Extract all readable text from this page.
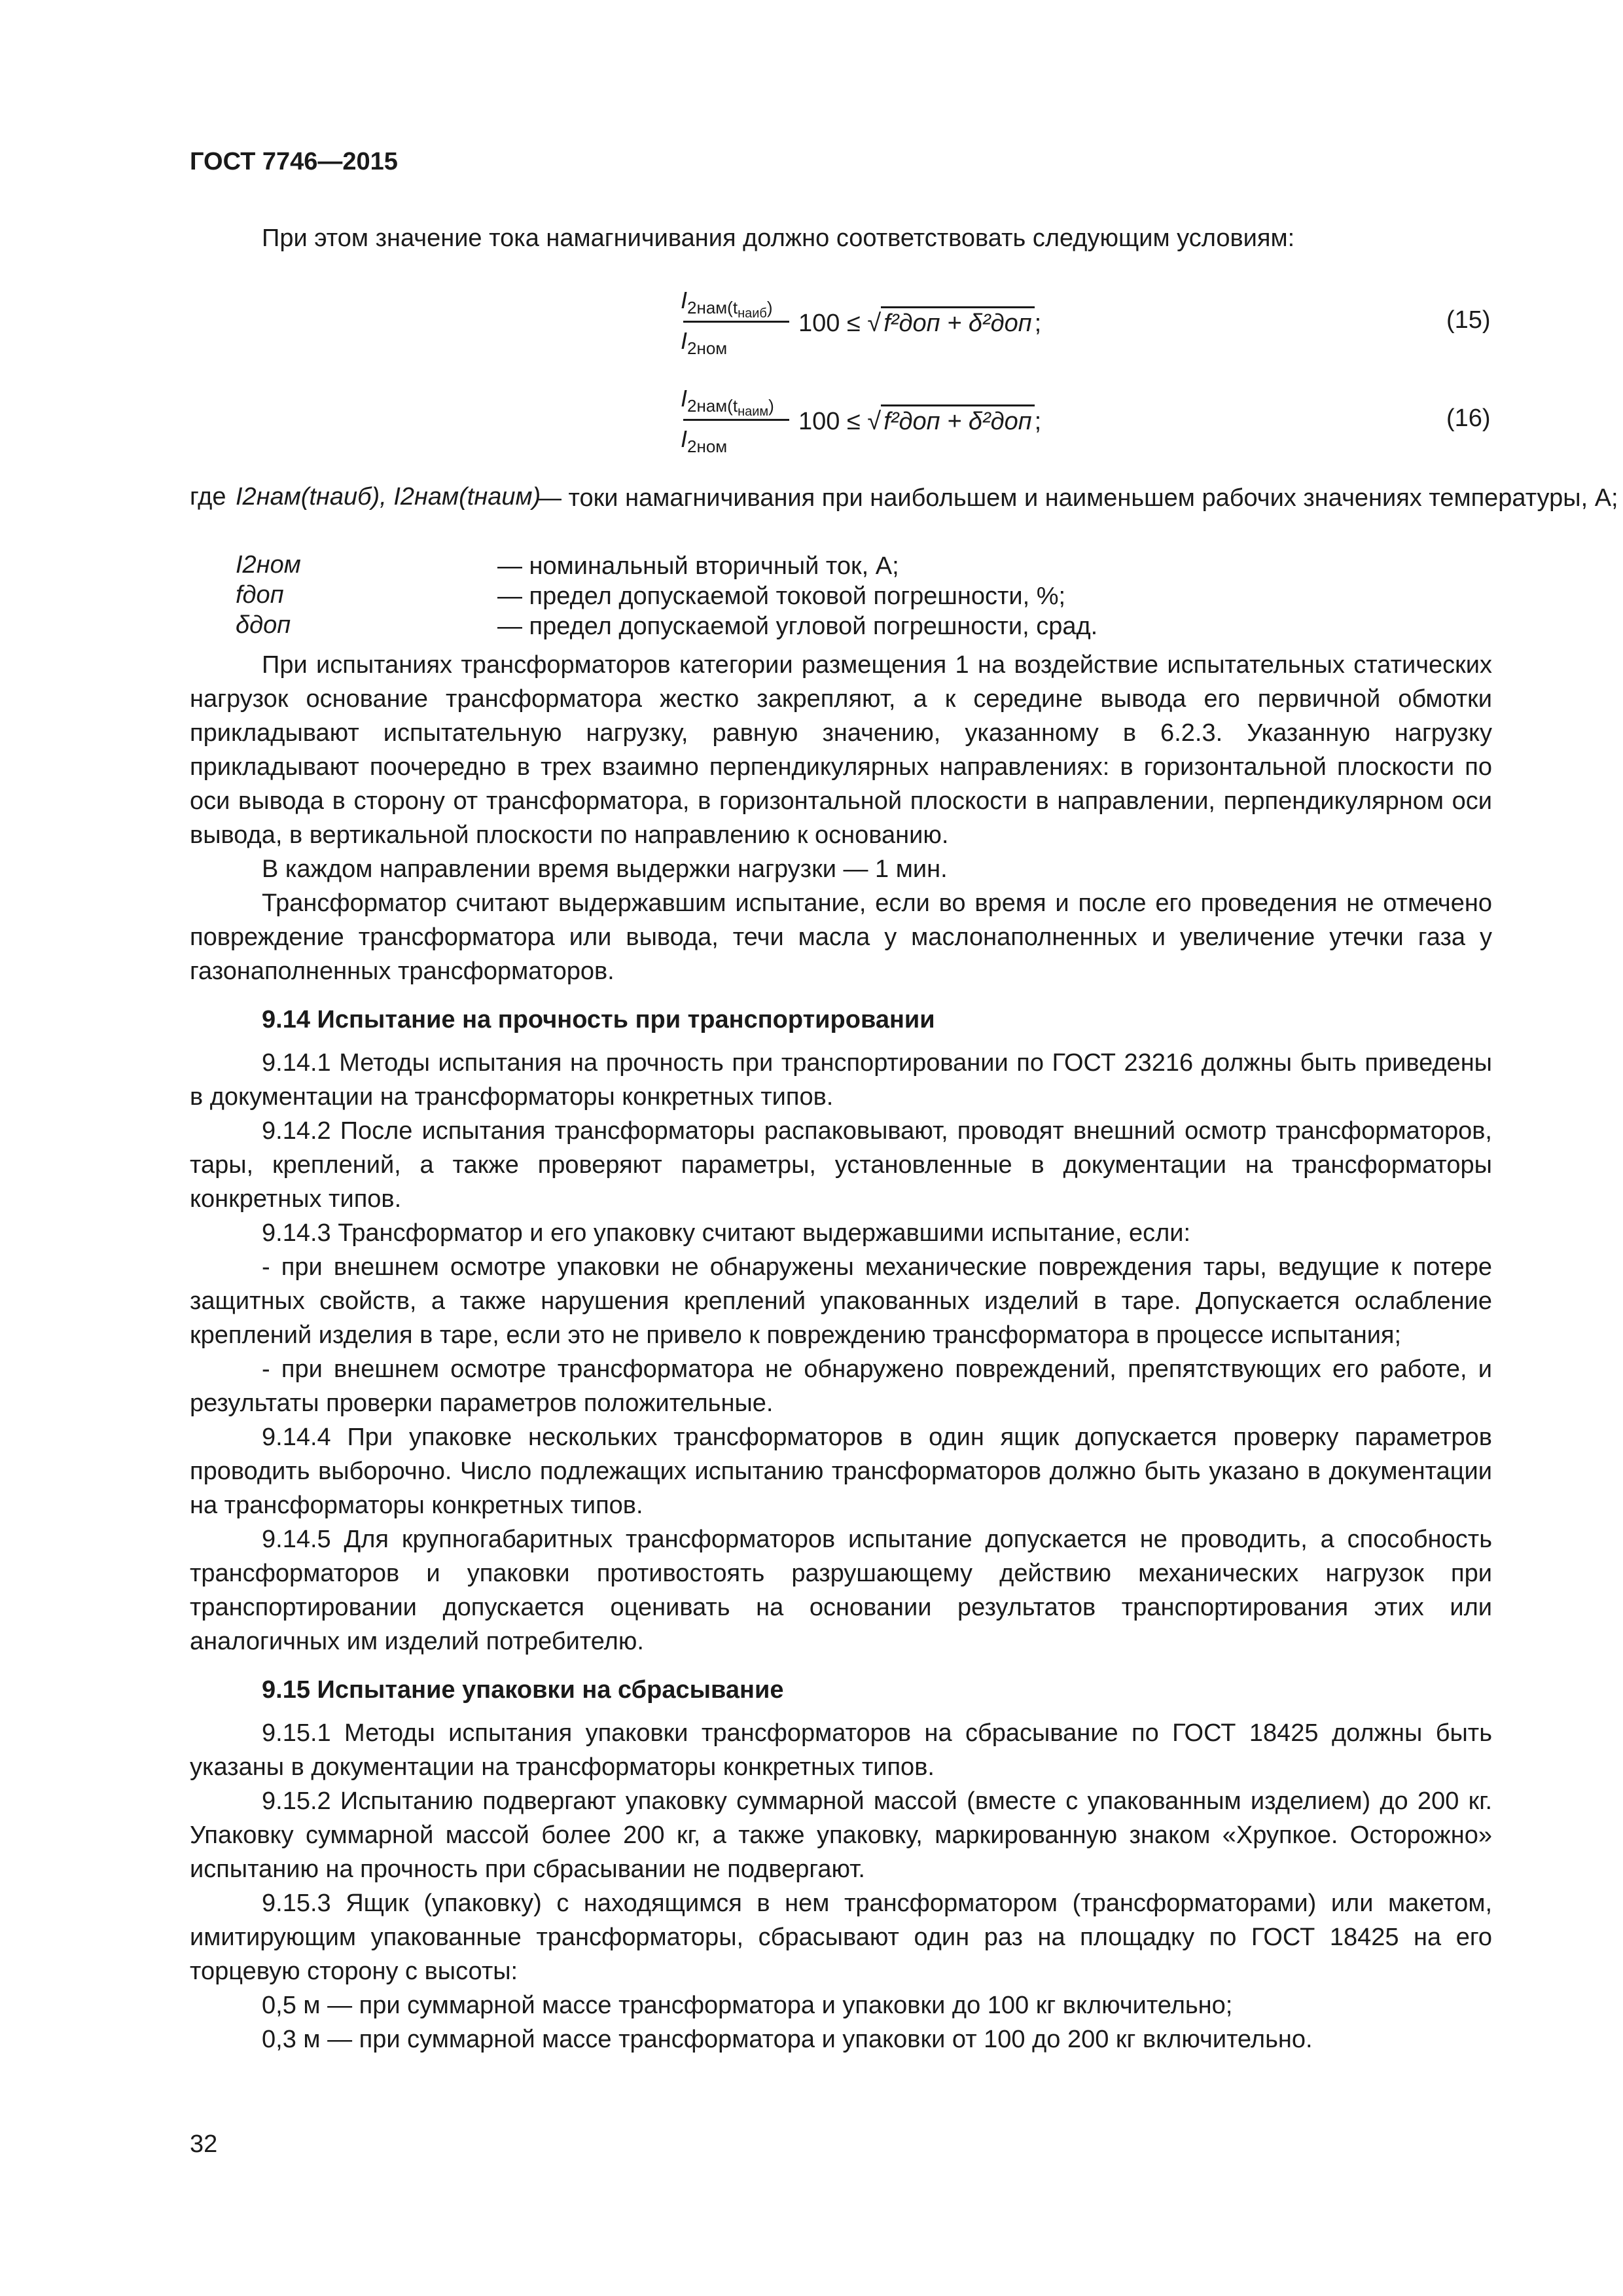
ГОСТ 7746—2015
При этом значение тока намагничивания должно соответствовать следующим условиям:
$I_{2нам(t_{наиб})}$
$I_{2ном}$
100 ≤ √ f²доп + δ²доп ;	(15)
$I_{2нам(t_{наим})}$
$I_{2ном}$
100 ≤ √ f²доп + δ²доп ;	(16)
где I2нам(tнаиб), I2нам(tнаим)
— токи намагничивания при наибольшем и наименьшем рабочих значениях температуры, А;
I2ном	— номинальный вторичный ток, А;
fдоп	— предел допускаемой токовой погрешности, %;
δдоп	— предел допускаемой угловой погрешности, срад.

При испытаниях трансформаторов категории размещения 1 на воздействие испытательных статических нагрузок основание трансформатора жестко закрепляют, а к середине вывода его первичной обмотки прикладывают испытательную нагрузку, равную значению, указанному в 6.2.3. Указанную нагрузку прикладывают поочередно в трех взаимно перпендикулярных направлениях: в горизонтальной плоскости по оси вывода в сторону от трансформатора, в горизонтальной плоскости в направлении, перпендикулярном оси вывода, в вертикальной плоскости по направлению к основанию.

В каждом направлении время выдержки нагрузки — 1 мин.

Трансформатор считают выдержавшим испытание, если во время и после его проведения не отмечено повреждение трансформатора или вывода, течи масла у маслонаполненных и увеличение утечки газа у газонаполненных трансформаторов.

9.14 Испытание на прочность при транспортировании

9.14.1 Методы испытания на прочность при транспортировании по ГОСТ 23216 должны быть приведены в документации на трансформаторы конкретных типов.

9.14.2 После испытания трансформаторы распаковывают, проводят внешний осмотр трансформаторов, тары, креплений, а также проверяют параметры, установленные в документации на трансформаторы конкретных типов.

9.14.3 Трансформатор и его упаковку считают выдержавшими испытание, если:

- при внешнем осмотре упаковки не обнаружены механические повреждения тары, ведущие к потере защитных свойств, а также нарушения креплений упакованных изделий в таре. Допускается ослабление креплений изделия в таре, если это не привело к повреждению трансформатора в процессе испытания;

- при внешнем осмотре трансформатора не обнаружено повреждений, препятствующих его работе, и результаты проверки параметров положительные.

9.14.4 При упаковке нескольких трансформаторов в один ящик допускается проверку параметров проводить выборочно. Число подлежащих испытанию трансформаторов должно быть указано в документации на трансформаторы конкретных типов.

9.14.5 Для крупногабаритных трансформаторов испытание допускается не проводить, а способность трансформаторов и упаковки противостоять разрушающему действию механических нагрузок при транспортировании допускается оценивать на основании результатов транспортирования этих или аналогичных им изделий потребителю.

9.15 Испытание упаковки на сбрасывание

9.15.1 Методы испытания упаковки трансформаторов на сбрасывание по ГОСТ 18425 должны быть указаны в документации на трансформаторы конкретных типов.

9.15.2 Испытанию подвергают упаковку суммарной массой (вместе с упакованным изделием) до 200 кг. Упаковку суммарной массой более 200 кг, а также упаковку, маркированную знаком «Хрупкое. Осторожно» испытанию на прочность при сбрасывании не подвергают.

9.15.3 Ящик (упаковку) с находящимся в нем трансформатором (трансформаторами) или макетом, имитирующим упакованные трансформаторы, сбрасывают один раз на площадку по ГОСТ 18425 на его торцевую сторону с высоты:

0,5 м — при суммарной массе трансформатора и упаковки до 100 кг включительно;

0,3 м — при суммарной массе трансформатора и упаковки от 100 до 200 кг включительно.

32
